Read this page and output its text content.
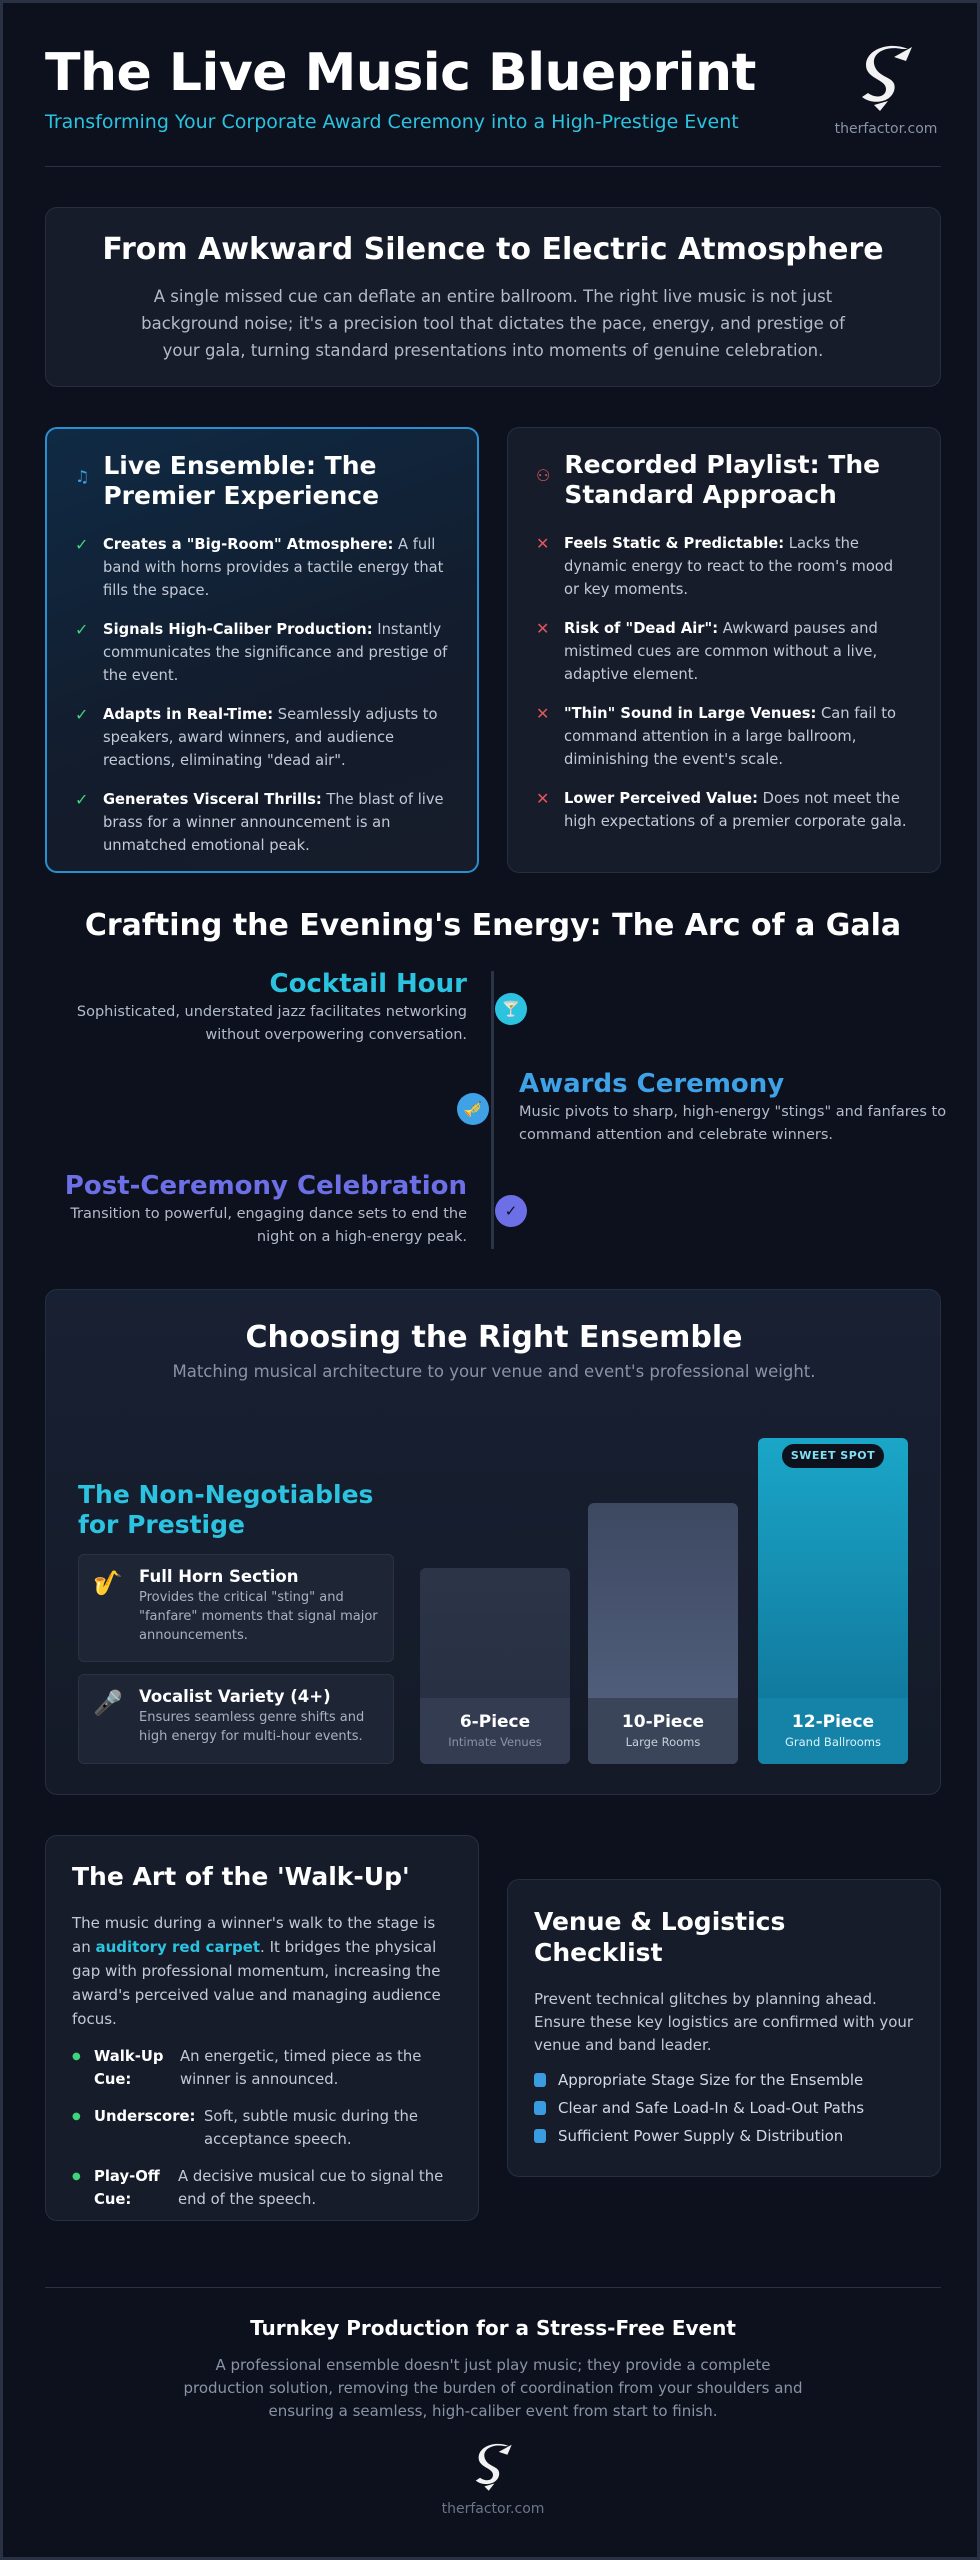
The Live Music Blueprint
Transforming Your Corporate Award Ceremony into a High-Prestige Event	therfactor.com
From Awkward Silence to Electric Atmosphere

A single missed cue can deflate an entire ballroom. The right live music is not just background noise; it's a precision tool that dictates the pace, energy, and prestige of your gala, turning standard presentations into moments of genuine celebration.

♫ Live Ensemble: The Premier Experience
✓ Creates a "Big-Room" Atmosphere: A full band with horns provides a tactile energy that fills the space.
✓ Signals High-Caliber Production: Instantly communicates the significance and prestige of the event.
✓ Adapts in Real-Time: Seamlessly adjusts to speakers, award winners, and audience reactions, eliminating "dead air".
✓ Generates Visceral Thrills: The blast of live brass for a winner announcement is an unmatched emotional peak.
⚇ Recorded Playlist: The Standard Approach
✕ Feels Static & Predictable: Lacks the dynamic energy to react to the room's mood or key moments.
✕ Risk of "Dead Air": Awkward pauses and mistimed cues are common without a live, adaptive element.
✕ "Thin" Sound in Large Venues: Can fail to command attention in a large ballroom, diminishing the event's scale.
✕ Lower Perceived Value: Does not meet the high expectations of a premier corporate gala.
Crafting the Evening's Energy: The Arc of a Gala
Cocktail Hour

Sophisticated, understated jazz facilitates networking without overpowering conversation.

🍸
Awards Ceremony

Music pivots to sharp, high-energy "stings" and fanfares to command attention and celebrate winners.

🎺
Post-Ceremony Celebration

Transition to powerful, engaging dance sets to end the night on a high-energy peak.

✓
Choosing the Right Ensemble
Matching musical architecture to your venue and event's professional weight.
The Non-Negotiables for Prestige
🎷 Full Horn Section

Provides the critical "sting" and "fanfare" moments that signal major announcements.

🎤 Vocalist Variety (4+)

Ensures seamless genre shifts and high energy for multi-hour events.

6-Piece
Intimate Venues
10-Piece
Large Rooms
SWEET SPOT
12-Piece
Grand Ballrooms
The Art of the 'Walk-Up'
The music during a winner's walk to the stage is an auditory red carpet. It bridges the physical gap with professional momentum, increasing the award's perceived value and managing audience focus.
● Walk-Up Cue:
An energetic, timed piece as the winner is announced.
● Underscore: Soft, subtle music during the acceptance speech.
● Play-Off Cue:
A decisive musical cue to signal the end of the speech.
Venue & Logistics Checklist

Prevent technical glitches by planning ahead. Ensure these key logistics are confirmed with your venue and band leader.

Appropriate Stage Size for the Ensemble
Clear and Safe Load-In & Load-Out Paths
Sufficient Power Supply & Distribution
Turnkey Production for a Stress-Free Event

A professional ensemble doesn't just play music; they provide a complete production solution, removing the burden of coordination from your shoulders and ensuring a seamless, high-caliber event from start to finish.

therfactor.com
